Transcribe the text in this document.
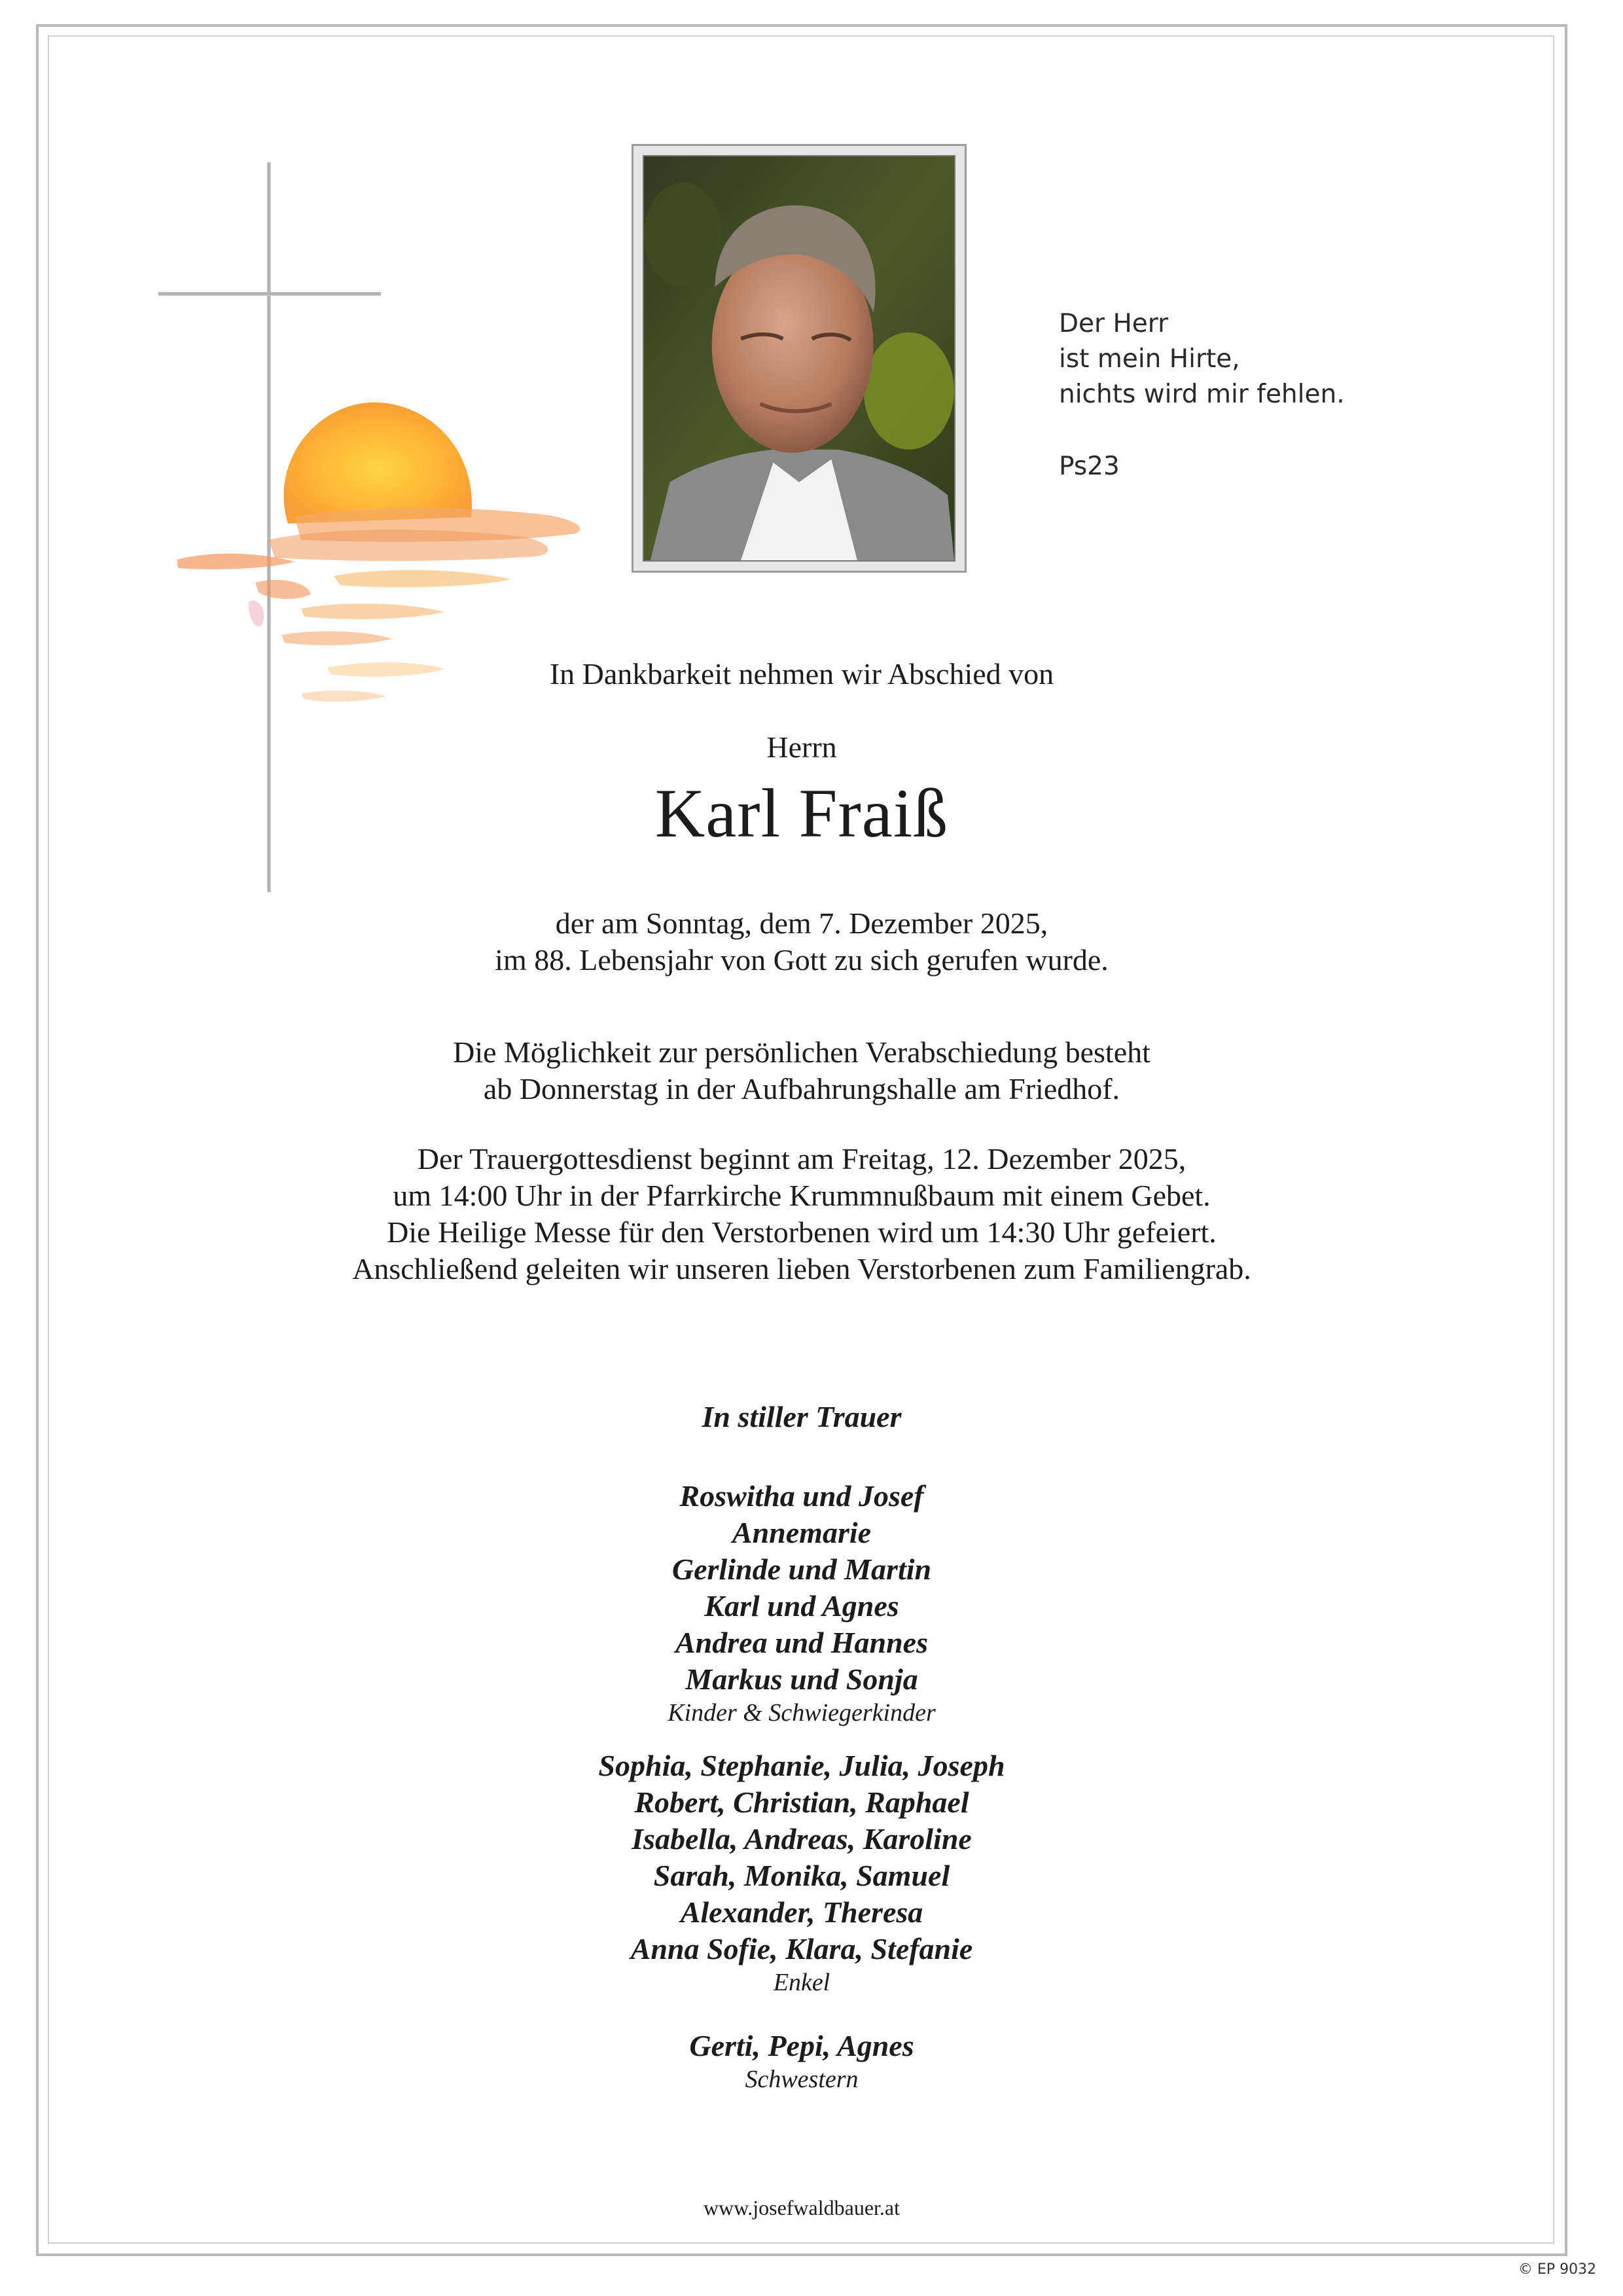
Der Herr
ist mein Hirte,
nichts wird mir fehlen.
Ps23
In Dankbarkeit nehmen wir Abschied von
Herrn
Karl Fraiß
der am Sonntag, dem 7. Dezember 2025,
im 88. Lebensjahr von Gott zu sich gerufen wurde.
Die Möglichkeit zur persönlichen Verabschiedung besteht
ab Donnerstag in der Aufbahrungshalle am Friedhof.
Der Trauergottesdienst beginnt am Freitag, 12. Dezember 2025,
um 14:00 Uhr in der Pfarrkirche Krummnußbaum mit einem Gebet.
Die Heilige Messe für den Verstorbenen wird um 14:30 Uhr gefeiert.
Anschließend geleiten wir unseren lieben Verstorbenen zum Familiengrab.
In stiller Trauer
Roswitha und Josef
Annemarie
Gerlinde und Martin
Karl und Agnes
Andrea und Hannes
Markus und Sonja
Kinder & Schwiegerkinder
Sophia, Stephanie, Julia, Joseph
Robert, Christian, Raphael
Isabella, Andreas, Karoline
Sarah, Monika, Samuel
Alexander, Theresa
Anna Sofie, Klara, Stefanie
Enkel
Gerti, Pepi, Agnes
Schwestern
www.josefwaldbauer.at
© EP 9032
